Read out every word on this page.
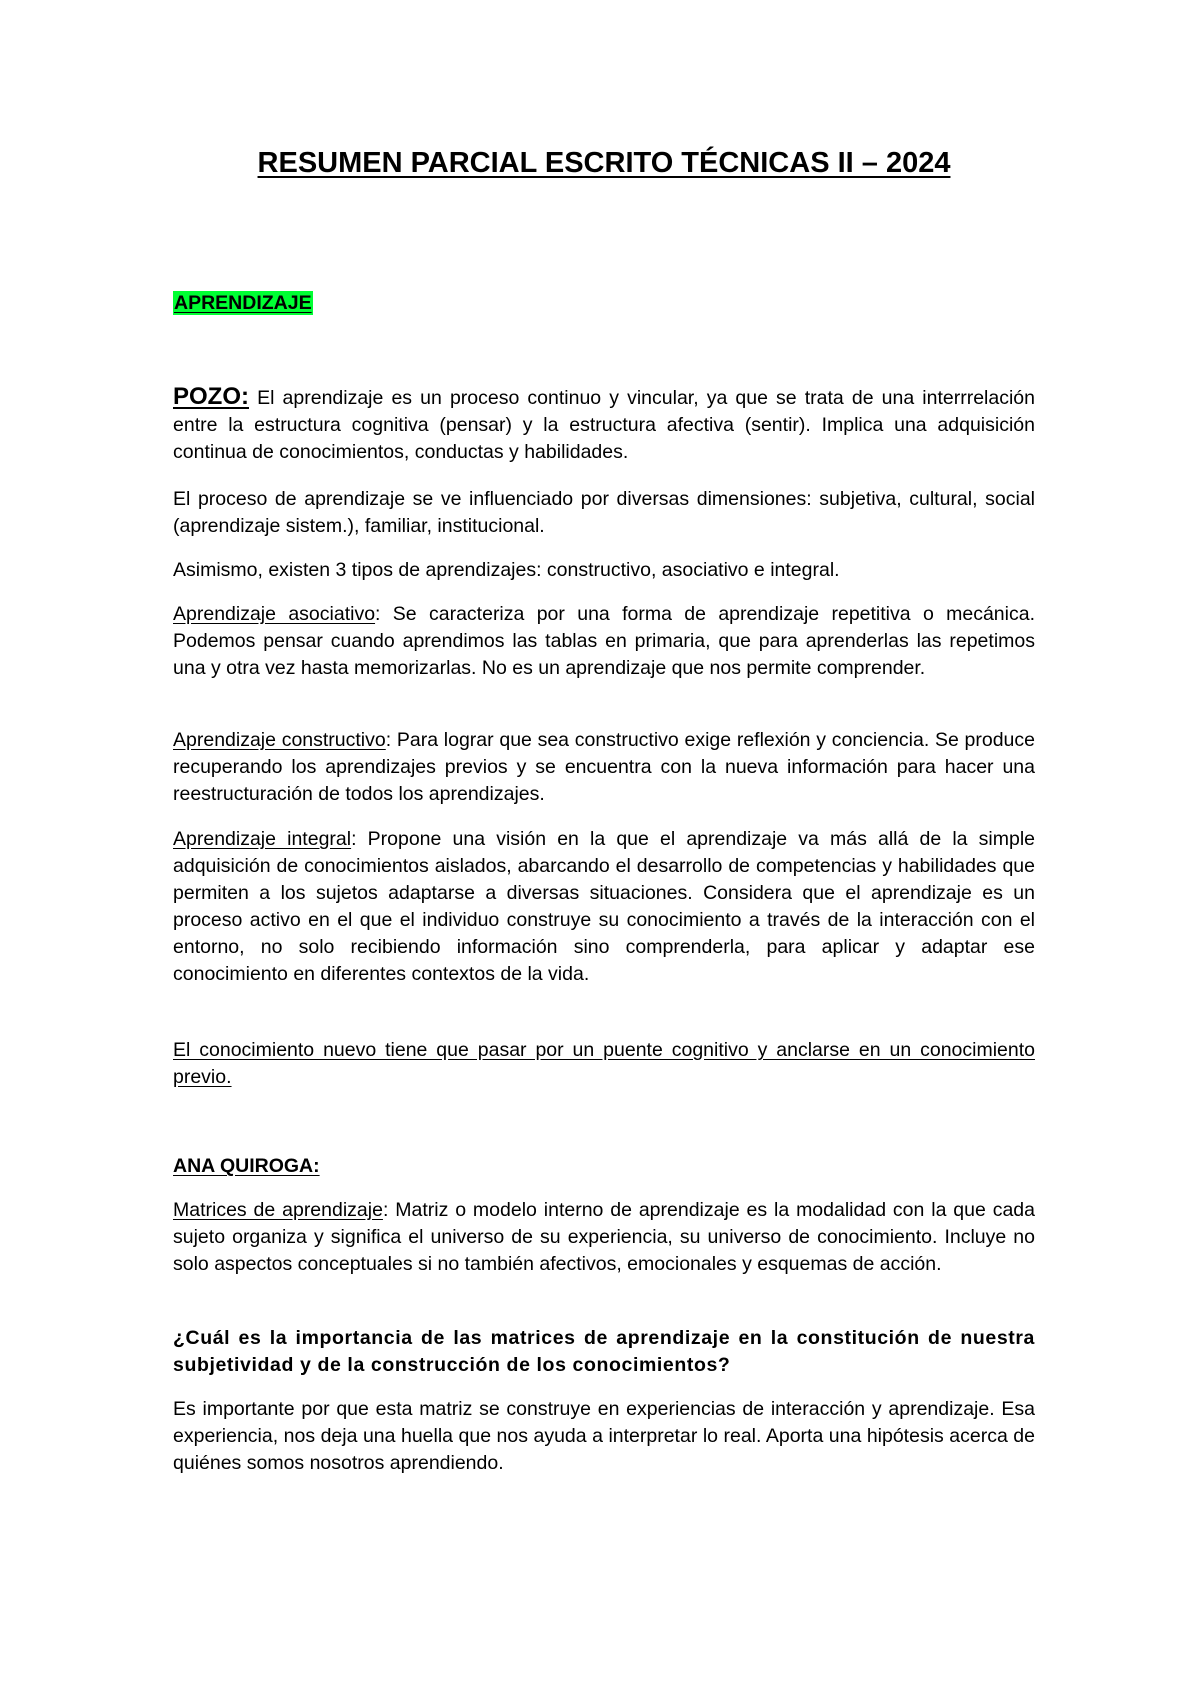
RESUMEN PARCIAL ESCRITO TÉCNICAS II – 2024

APRENDIZAJE

POZO: El aprendizaje es un proceso continuo y vincular, ya que se trata de una interrrelación entre la estructura cognitiva (pensar) y la estructura afectiva (sentir). Implica una adquisición continua de conocimientos, conductas y habilidades.

El proceso de aprendizaje se ve influenciado por diversas dimensiones: subjetiva, cultural, social (aprendizaje sistem.), familiar, institucional.

Asimismo, existen 3 tipos de aprendizajes: constructivo, asociativo e integral.

Aprendizaje asociativo: Se caracteriza por una forma de aprendizaje repetitiva o mecánica. Podemos pensar cuando aprendimos las tablas en primaria, que para aprenderlas las repetimos una y otra vez hasta memorizarlas. No es un aprendizaje que nos permite comprender.

Aprendizaje constructivo: Para lograr que sea constructivo exige reflexión y conciencia. Se produce recuperando los aprendizajes previos y se encuentra con la nueva información para hacer una reestructuración de todos los aprendizajes.

Aprendizaje integral: Propone una visión en la que el aprendizaje va más allá de la simple adquisición de conocimientos aislados, abarcando el desarrollo de competencias y habilidades que permiten a los sujetos adaptarse a diversas situaciones. Considera que el aprendizaje es un proceso activo en el que el individuo construye su conocimiento a través de la interacción con el entorno, no solo recibiendo información sino comprenderla, para aplicar y adaptar ese conocimiento en diferentes contextos de la vida.

El conocimiento nuevo tiene que pasar por un puente cognitivo y anclarse en un conocimiento previo.

ANA QUIROGA:

Matrices de aprendizaje: Matriz o modelo interno de aprendizaje es la modalidad con la que cada sujeto organiza y significa el universo de su experiencia, su universo de conocimiento. Incluye no solo aspectos conceptuales si no también afectivos, emocionales y esquemas de acción.

¿Cuál es la importancia de las matrices de aprendizaje en la constitución de nuestra subjetividad y de la construcción de los conocimientos?

Es importante por que esta matriz se construye en experiencias de interacción y aprendizaje. Esa experiencia, nos deja una huella que nos ayuda a interpretar lo real. Aporta una hipótesis acerca de quiénes somos nosotros aprendiendo.
